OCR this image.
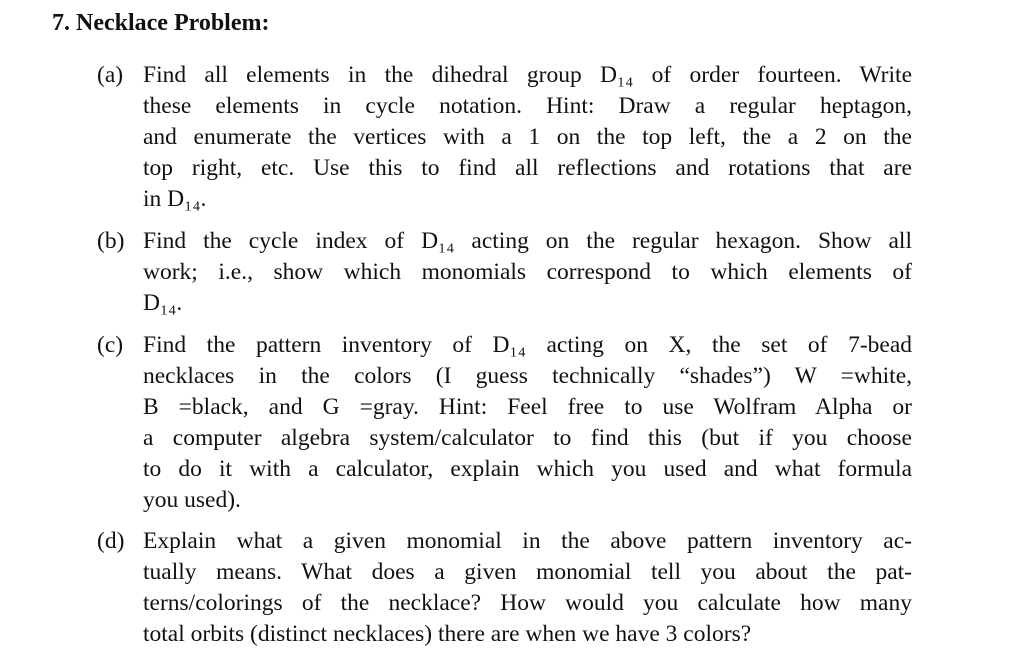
7. Necklace Problem:
(a) Find all elements in the dihedral group D₁₄ of order fourteen. Write
these elements in cycle notation. Hint: Draw a regular heptagon,
and enumerate the vertices with a 1 on the top left, the a 2 on the
top right, etc. Use this to find all reflections and rotations that are
in D₁₄.
(b) Find the cycle index of D₁₄ acting on the regular hexagon. Show all
work; i.e., show which monomials correspond to which elements of
D₁₄.
(c) Find the pattern inventory of D₁₄ acting on X, the set of 7-bead
necklaces in the colors (I guess technically “shades”) W =white,
B =black, and G =gray. Hint: Feel free to use Wolfram Alpha or
a computer algebra system/calculator to find this (but if you choose
to do it with a calculator, explain which you used and what formula
you used).
(d) Explain what a given monomial in the above pattern inventory ac-
tually means. What does a given monomial tell you about the pat-
terns/colorings of the necklace? How would you calculate how many
total orbits (distinct necklaces) there are when we have 3 colors?
